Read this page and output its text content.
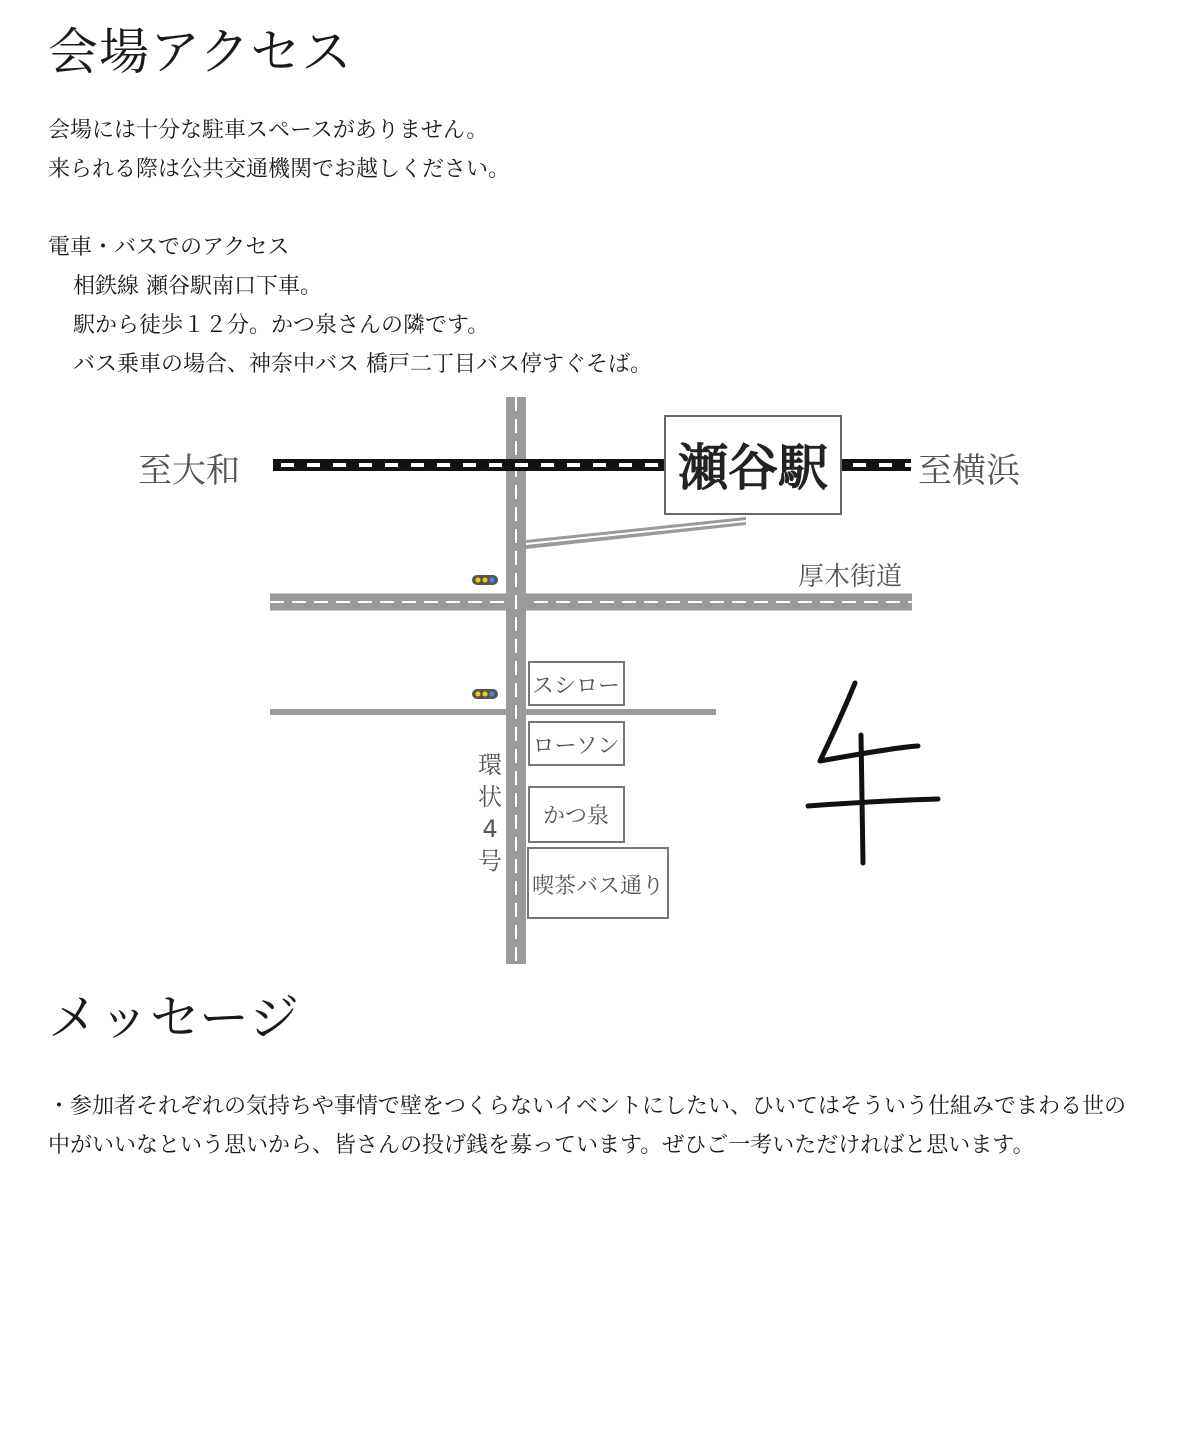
会場アクセス

会場には十分な駐車スペースがありません。
来られる際は公共交通機関でお越しください。

電車・バスでのアクセス
相鉄線 瀬谷駅南口下車。
駅から徒歩１２分。かつ泉さんの隣です。
バス乗車の場合、神奈中バス 橋戸二丁目バス停すぐそば。

瀬谷駅
至大和	至横浜
厚木街道
環
状
4
号
スシロー
ローソン
かつ泉
喫茶バス通り
メッセージ

・参加者それぞれの気持ちや事情で壁をつくらないイベントにしたい、ひいてはそういう仕組みでまわる世の中がいいなという思いから、皆さんの投げ銭を募っています。ぜひご一考いただければと思います。
